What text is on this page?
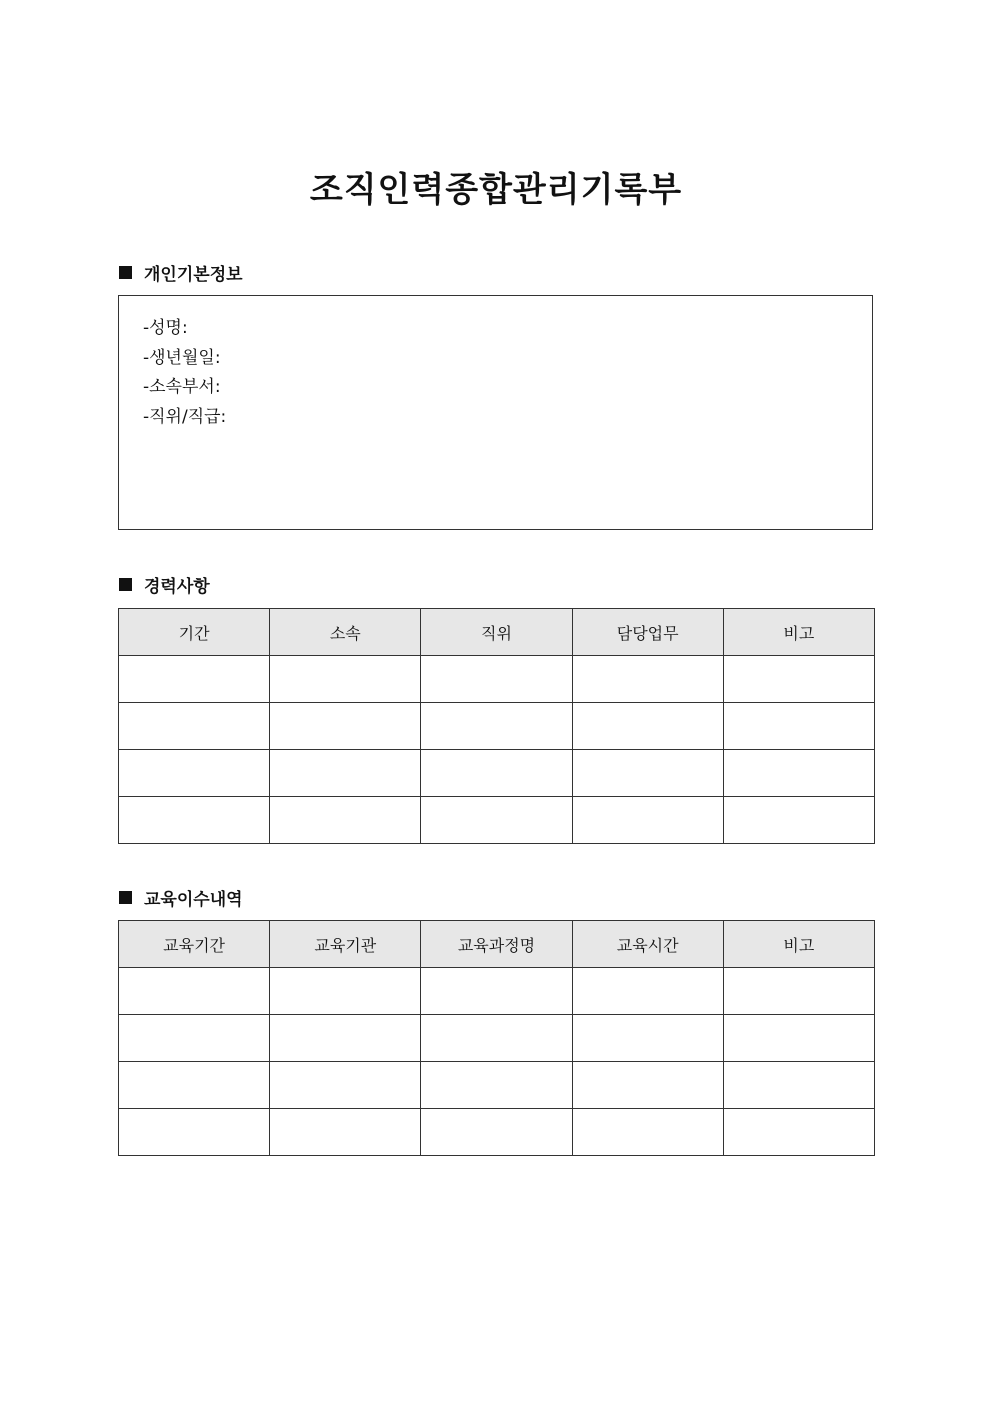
조직인력종합관리기록부
개인기본정보
-성명:
-생년월일:
-소속부서:
-직위/직급:
경력사항
기간	소속	직위	담당업무	비고

교육이수내역
교육기간	교육기관	교육과정명	교육시간	비고
